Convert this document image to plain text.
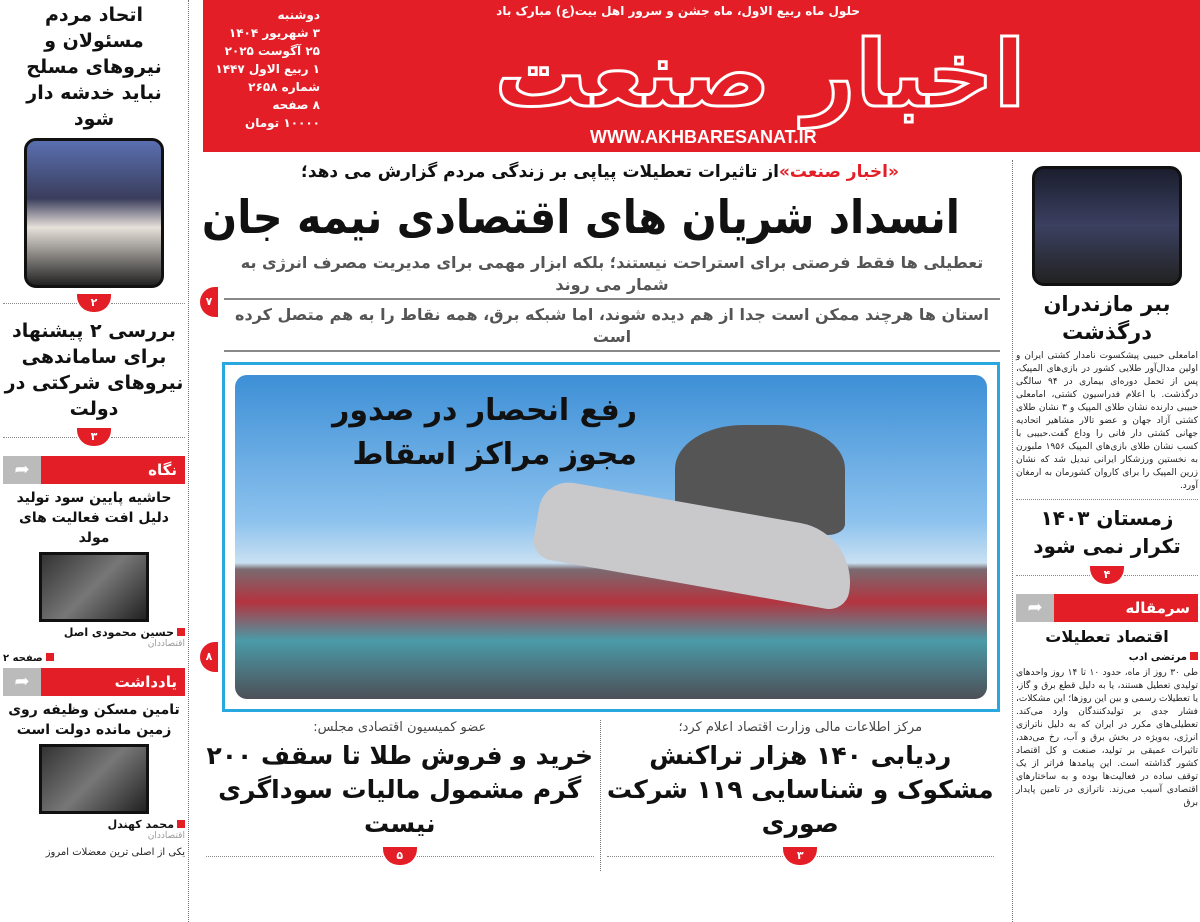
اخبار صنعت
حلول ماه ربیع الاول، ماه جشن و سرور اهل بیت(ع) مبارک باد
WWW.AKHBARESANAT.IR
دوشنبه
۳ شهریور ۱۴۰۴
۲۵ آگوست ۲۰۲۵
۱ ربیع الاول ۱۴۴۷
شماره ۲۶۵۸
۸ صفحه
۱۰۰۰۰ تومان
«اخبار صنعت»از تاثیرات تعطیلات پیاپی بر زندگی مردم گزارش می دهد؛
انسداد شریان های اقتصادی نیمه جان
۷
تعطیلی ها فقط فرصتی برای استراحت نیستند؛ بلکه ابزار مهمی برای مدیریت مصرف انرژی به شمار می روند
استان ها هرچند ممکن است جدا از هم دیده شوند، اما شبکه برق، همه نقاط را به هم متصل کرده است
۸
رفع انحصار در صدور مجوز مراکز اسقاط
مرکز اطلاعات مالی وزارت اقتصاد اعلام کرد؛
ردیابی ۱۴۰ هزار تراکنش مشکوک و شناسایی ۱۱۹ شرکت صوری
۳
عضو کمیسیون اقتصادی مجلس:
خرید و فروش طلا تا سقف ۲۰۰ گرم مشمول مالیات سوداگری نیست
۵
اتحاد مردم مسئولان و نیروهای مسلح نباید خدشه دار شود
۲
بررسی ۲ پیشنهاد برای ساماندهی نیروهای شرکتی در دولت
۳
➦	نگاه
حاشیه پایین سود تولید دلیل افت فعالیت های مولد
حسین محمودی اصل
اقتصاددان
صفحه ۲
➦	یادداشت
تامین مسکن وظیفه روی زمین مانده دولت است
محمد کهندل
اقتصاددان
یکی از اصلی ترین معضلات امروز
ببر مازندران درگذشت
امامعلی حبیبی پیشکسوت نامدار کشتی ایران و اولین مدال‌آور طلایی کشور در بازی‌های المپیک، پس از تحمل دوره‌ای بیماری در ۹۴ سالگی درگذشت. با اعلام فدراسیون کشتی، امامعلی حبیبی دارنده نشان طلای المپیک و ۳ نشان طلای کشتی آزاد جهان و عضو تالار مشاهیر اتحادیه جهانی کشتی دار فانی را وداع گفت.حبیبی با کسب نشان طلای بازی‌های المپیک ۱۹۵۶ ملبورن به نخستین ورزشکار ایرانی تبدیل شد که نشان زرین المپیک را برای کاروان کشورمان به ارمغان آورد.
زمستان ۱۴۰۳ تکرار نمی شود
۴
➦	سرمقاله
اقتصاد تعطیلات
مرتضی ادب
طی ۳۰ روز از ماه، حدود ۱۰ تا ۱۴ روز واحدهای تولیدی تعطیل هستند، یا به دلیل قطع برق و گاز، یا تعطیلات رسمی و بین این روزها؛ این مشکلات، فشار جدی بر تولیدکنندگان وارد می‌کند. تعطیلی‌های مکرر در ایران که به دلیل ناترازی انرژی، به‌ویژه در بخش برق و آب، رخ می‌دهد، تاثیرات عمیقی بر تولید، صنعت و کل اقتصاد کشور گذاشته است. این پیامدها فراتر از یک توقف ساده در فعالیت‌ها بوده و به ساختارهای اقتصادی آسیب می‌زند. ناترازی در تامین پایدار برق
